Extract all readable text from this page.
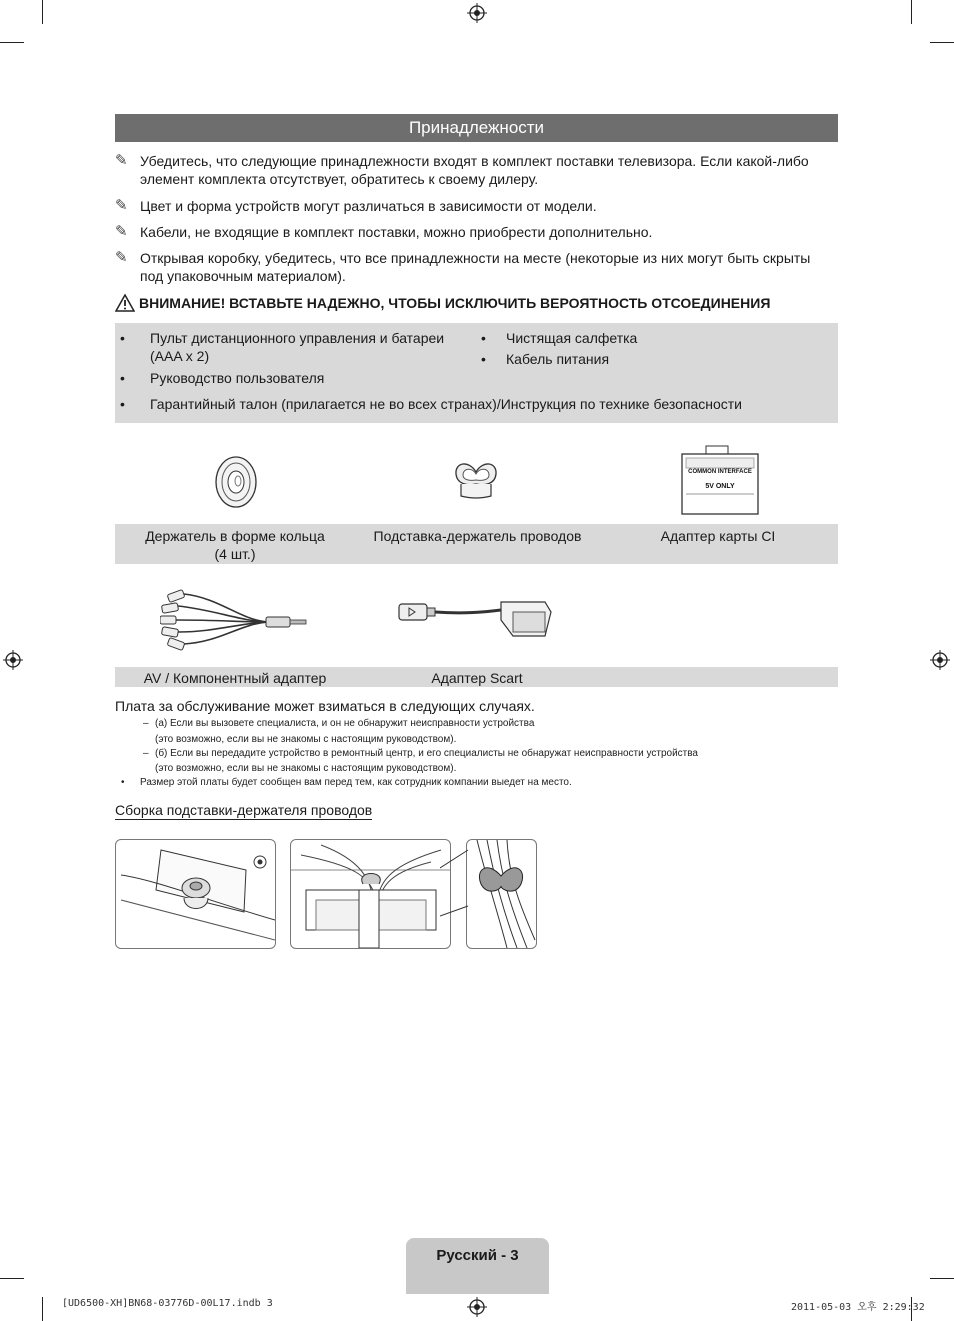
Принадлежности
✎ Убедитесь, что следующие принадлежности входят в комплект поставки телевизора. Если какой-либо элемент комплекта отсутствует, обратитесь к своему дилеру.
✎ Цвет и форма устройств могут различаться в зависимости от модели.
✎ Кабели, не входящие в комплект поставки, можно приобрести дополнительно.
✎ Открывая коробку, убедитесь, что все принадлежности на месте (некоторые из них могут быть скрыты под упаковочным материалом).
ВНИМАНИЕ! ВСТАВЬТЕ НАДЕЖНО, ЧТОБЫ ИСКЛЮЧИТЬ ВЕРОЯТНОСТЬ ОТСОЕДИНЕНИЯ
• Пульт дистанционного управления и батареи (AAA x 2)
• Руководство пользователя
• Гарантийный талон (прилагается не во всех странах)/Инструкция по технике безопасности
• Чистящая салфетка
• Кабель питания
COMMON INTERFACE
5V ONLY
Держатель в форме кольца
(4 шт.)
Подставка-держатель проводов	Адаптер карты CI
AV / Компонентный адаптер	Адаптер Scart
Плата за обслуживание может взиматься в следующих случаях.
– (а) Если вы вызовете специалиста, и он не обнаружит неисправности устройства
(это возможно, если вы не знакомы с настоящим руководством).
– (б) Если вы передадите устройство в ремонтный центр, и его специалисты не обнаружат неисправности устройства
(это возможно, если вы не знакомы с настоящим руководством).
• Размер этой платы будет сообщен вам перед тем, как сотрудник компании выедет на место.
Сборка подставки-держателя проводов
Русский - 3
[UD6500-XH]BN68-03776D-00L17.indb 3	2011-05-03 오후 2:29:32
